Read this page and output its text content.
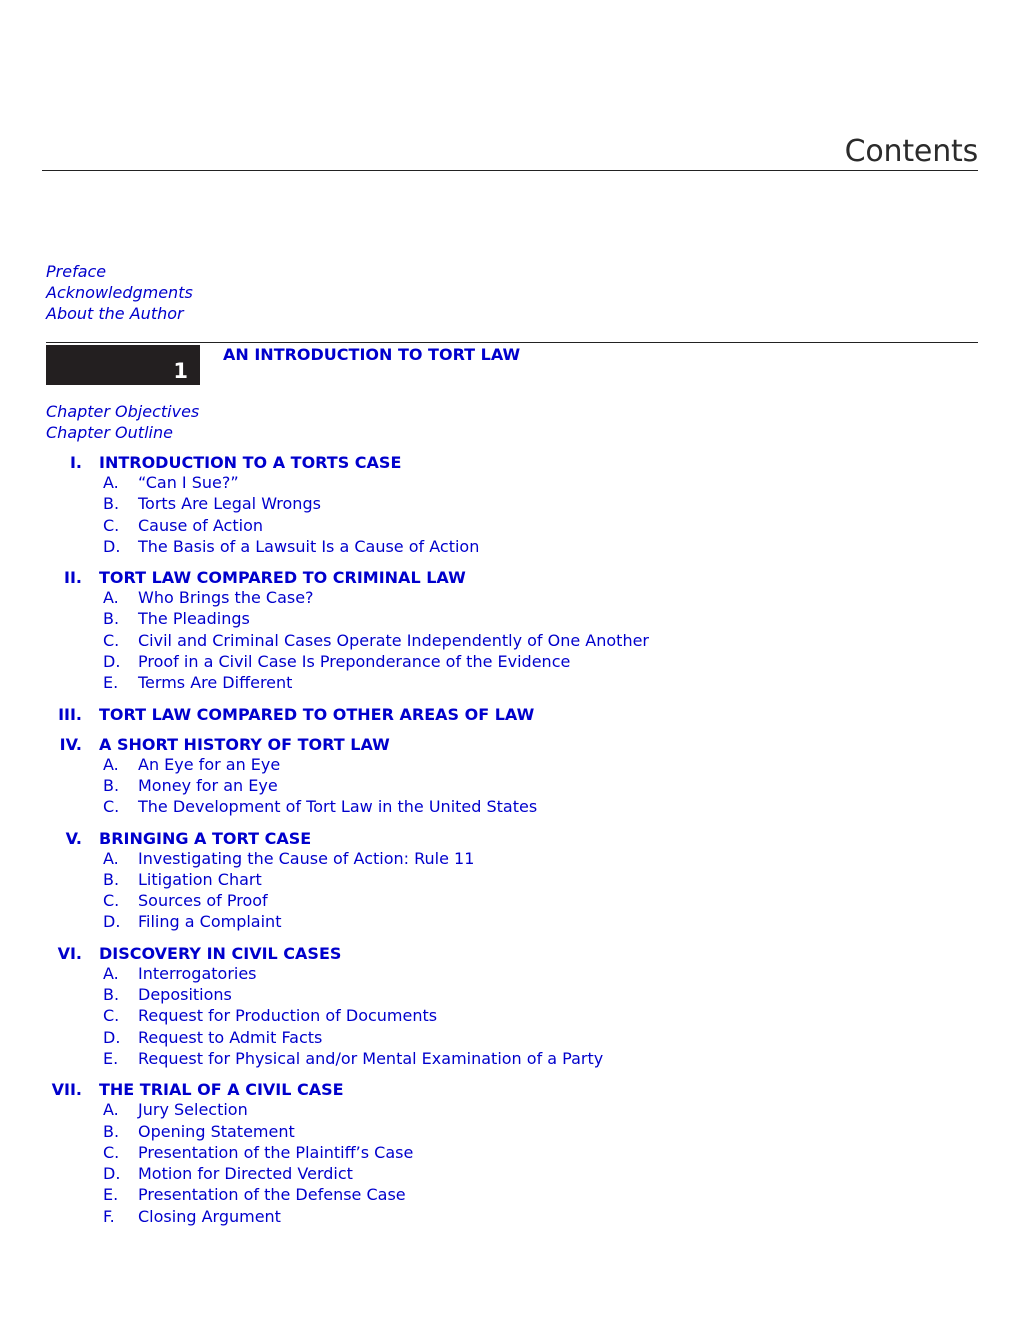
Contents
Preface
Acknowledgments
About the Author
1
AN INTRODUCTION TO TORT LAW
Chapter Objectives
Chapter Outline
I. INTRODUCTION TO A TORTS CASE
A. “Can I Sue?”
B. Torts Are Legal Wrongs
C. Cause of Action
D. The Basis of a Lawsuit Is a Cause of Action
II. TORT LAW COMPARED TO CRIMINAL LAW
A. Who Brings the Case?
B. The Pleadings
C. Civil and Criminal Cases Operate Independently of One Another
D. Proof in a Civil Case Is Preponderance of the Evidence
E. Terms Are Different
III. TORT LAW COMPARED TO OTHER AREAS OF LAW
IV. A SHORT HISTORY OF TORT LAW
A. An Eye for an Eye
B. Money for an Eye
C. The Development of Tort Law in the United States
V. BRINGING A TORT CASE
A. Investigating the Cause of Action: Rule 11
B. Litigation Chart
C. Sources of Proof
D. Filing a Complaint
VI. DISCOVERY IN CIVIL CASES
A. Interrogatories
B. Depositions
C. Request for Production of Documents
D. Request to Admit Facts
E. Request for Physical and/or Mental Examination of a Party
VII. THE TRIAL OF A CIVIL CASE
A. Jury Selection
B. Opening Statement
C. Presentation of the Plaintiff’s Case
D. Motion for Directed Verdict
E. Presentation of the Defense Case
F. Closing Argument
